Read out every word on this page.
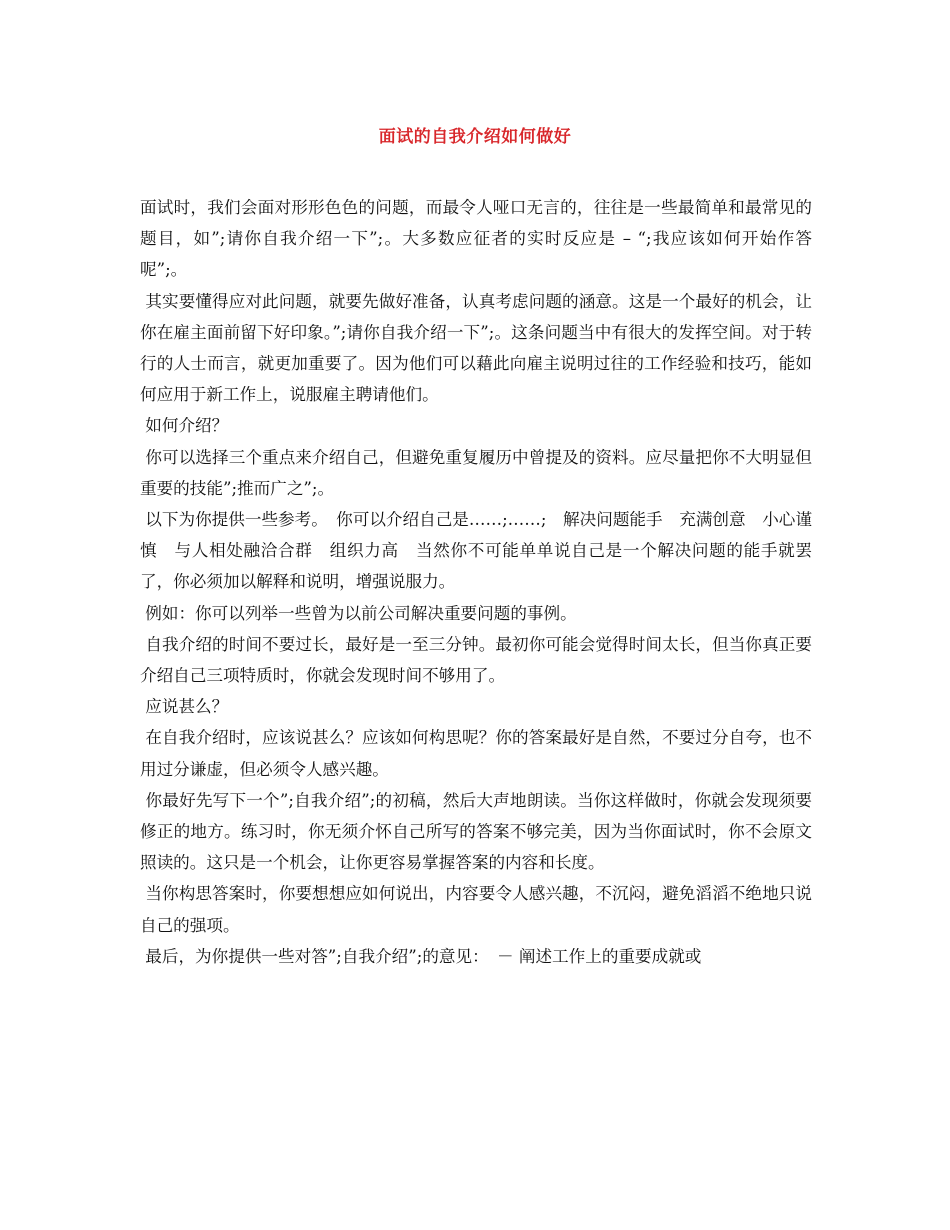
面试的自我介绍如何做好

面试时，我们会面对形形色色的问题，而最令人哑口无言的，往往是一些最简单和最常见的题目，如”;请你自我介绍一下”;。大多数应征者的实时反应是 – “;我应该如何开始作答呢”;。

其实要懂得应对此问题，就要先做好准备，认真考虑问题的涵意。这是一个最好的机会，让你在雇主面前留下好印象。”;请你自我介绍一下”;。这条问题当中有很大的发挥空间。对于转行的人士而言，就更加重要了。因为他们可以藉此向雇主说明过往的工作经验和技巧，能如何应用于新工作上，说服雇主聘请他们。

如何介绍？

你可以选择三个重点来介绍自己，但避免重复履历中曾提及的资料。应尽量把你不大明显但重要的技能”;推而广之”;。

以下为你提供一些参考。　你可以介绍自己是……;……;　解决问题能手　充满创意　小心谨慎　与人相处融洽合群　组织力高　当然你不可能单单说自己是一个解决问题的能手就罢了，你必须加以解释和说明，增强说服力。

例如：你可以列举一些曾为以前公司解决重要问题的事例。

自我介绍的时间不要过长，最好是一至三分钟。最初你可能会觉得时间太长，但当你真正要介绍自己三项特质时，你就会发现时间不够用了。

应说甚么？

在自我介绍时，应该说甚么？应该如何构思呢？你的答案最好是自然，不要过分自夸，也不用过分谦虚，但必须令人感兴趣。

你最好先写下一个”;自我介绍”;的初稿，然后大声地朗读。当你这样做时，你就会发现须要修正的地方。练习时，你无须介怀自己所写的答案不够完美，因为当你面试时，你不会原文照读的。这只是一个机会，让你更容易掌握答案的内容和长度。

当你构思答案时，你要想想应如何说出，内容要令人感兴趣，不沉闷，避免滔滔不绝地只说自己的强项。

最后，为你提供一些对答”;自我介绍”;的意见：　－ 阐述工作上的重要成就或
